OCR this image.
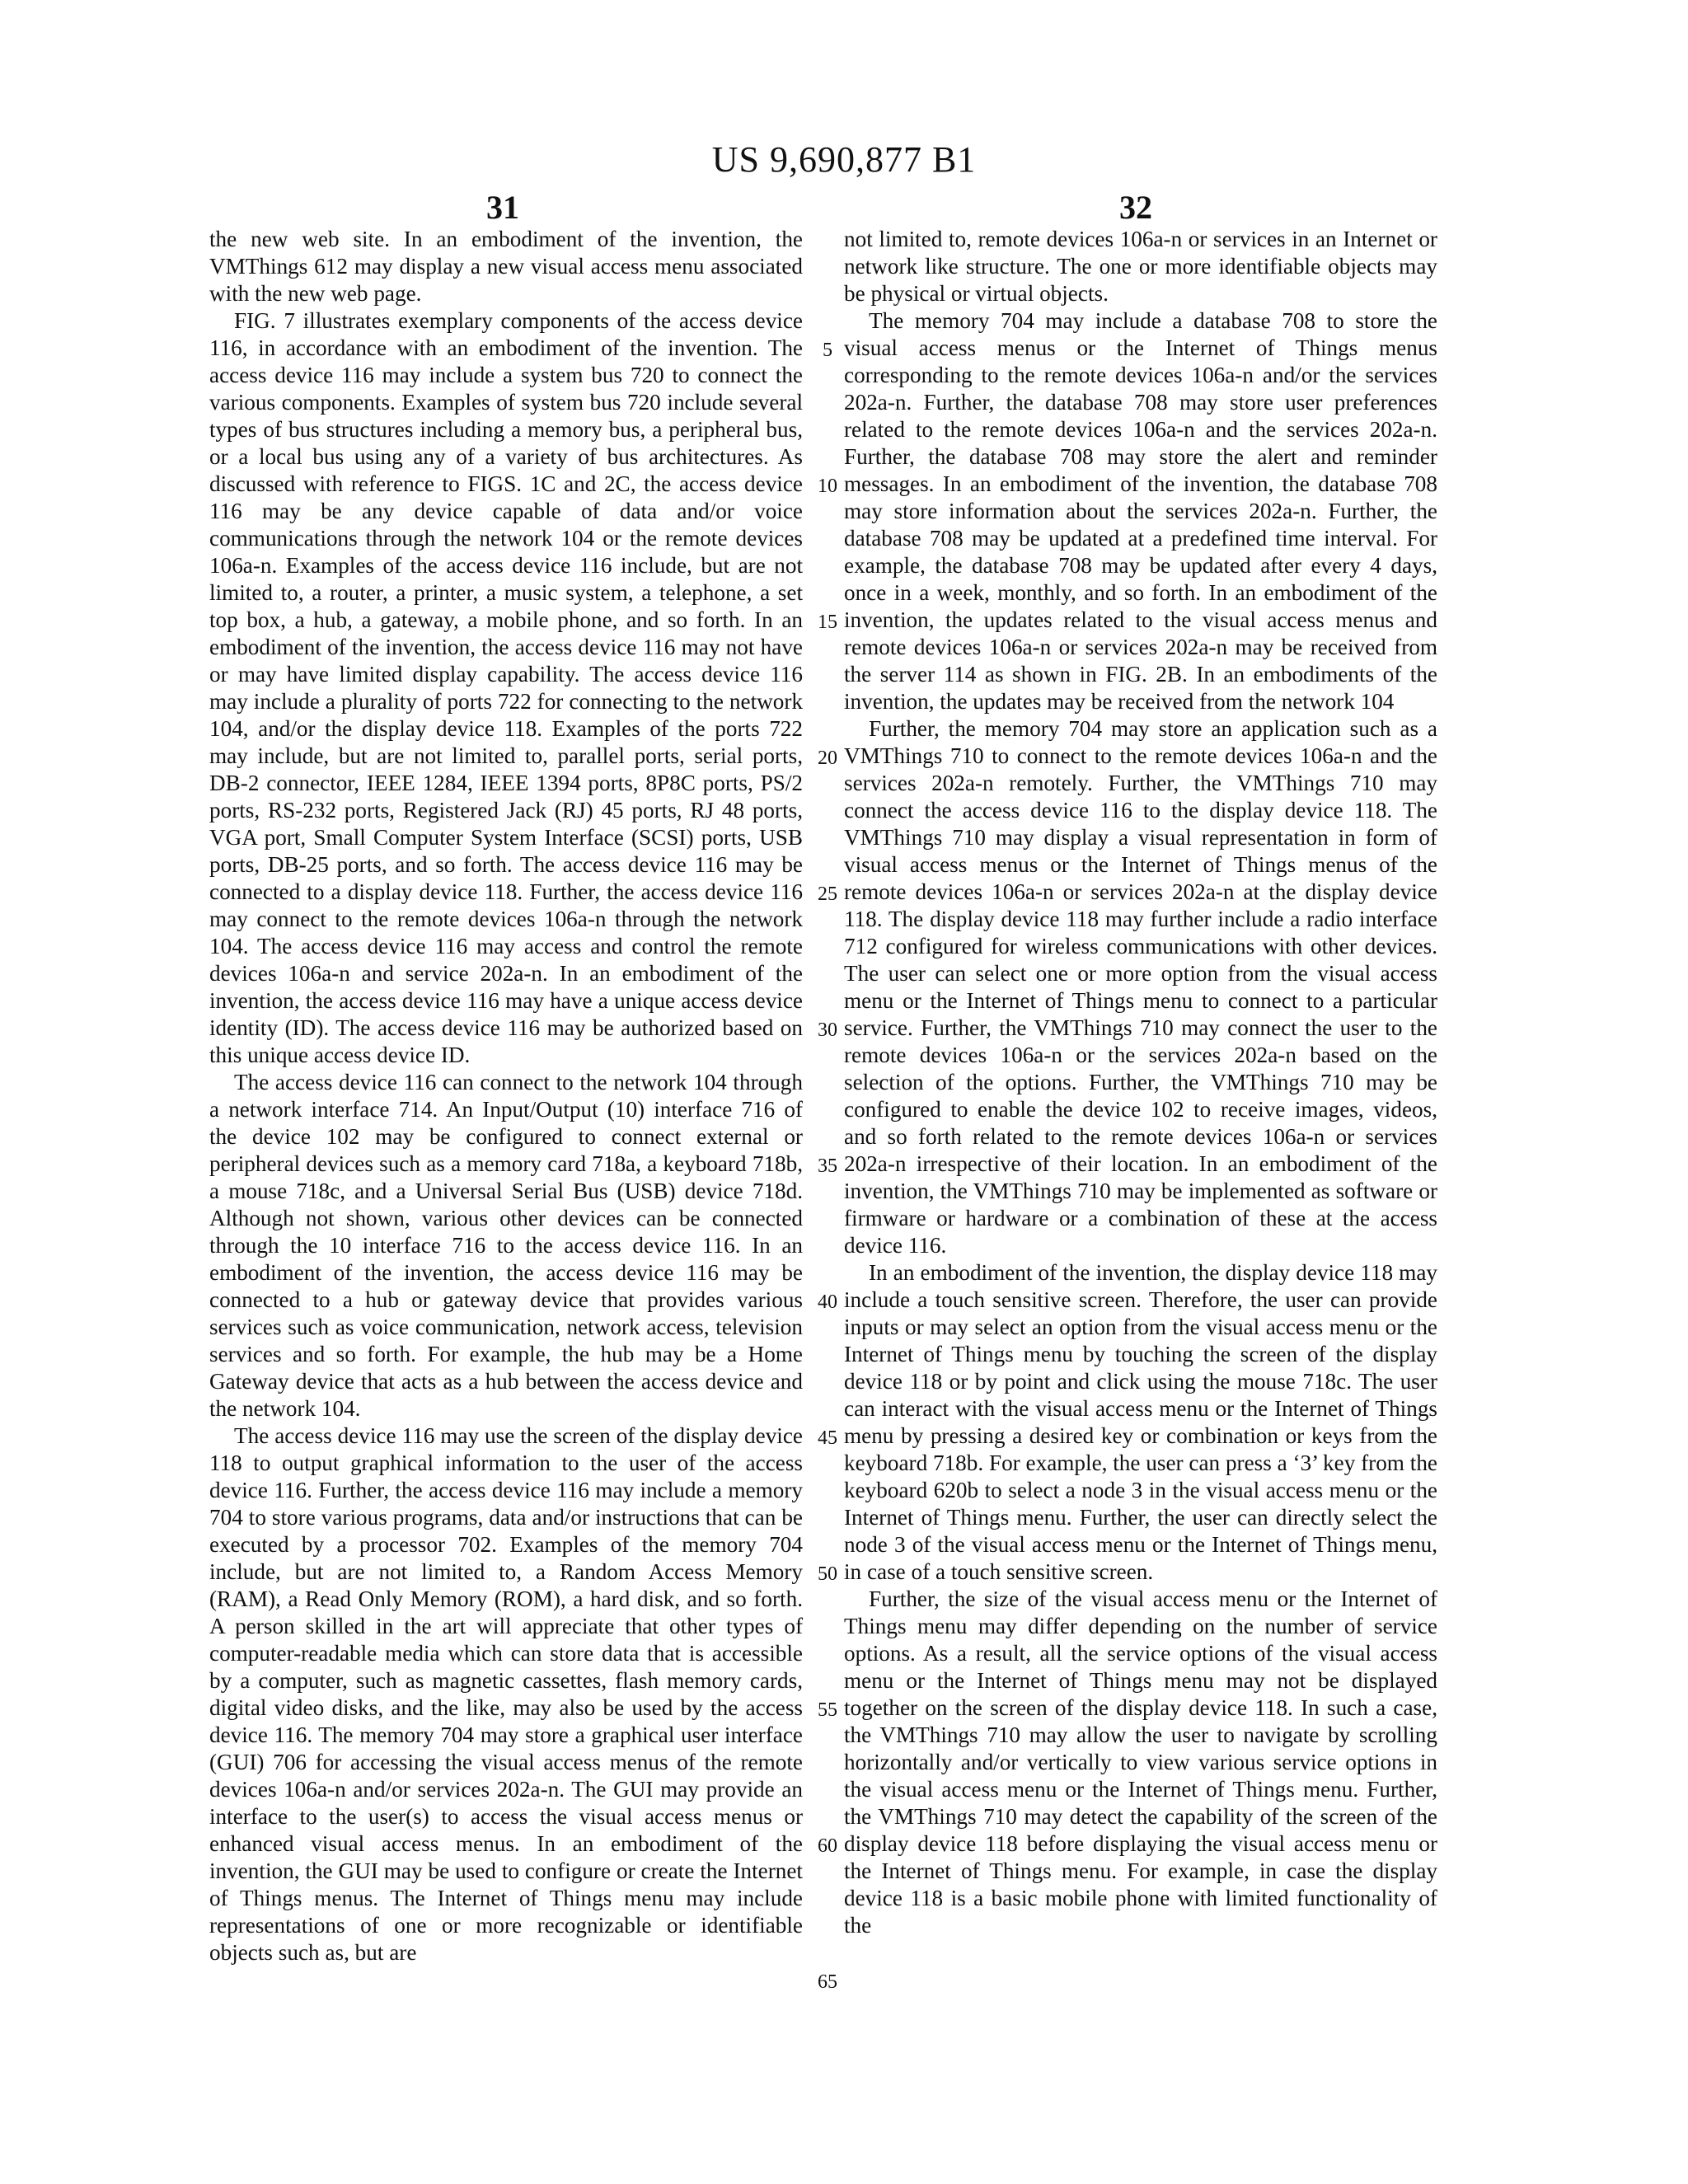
US 9,690,877 B1
31	32

the new web site. In an embodiment of the invention, the VMThings 612 may display a new visual access menu associated with the new web page.

FIG. 7 illustrates exemplary components of the access device 116, in accordance with an embodiment of the invention. The access device 116 may include a system bus 720 to connect the various components. Examples of system bus 720 include several types of bus structures including a memory bus, a peripheral bus, or a local bus using any of a variety of bus architectures. As discussed with reference to FIGS. 1C and 2C, the access device 116 may be any device capable of data and/or voice communications through the network 104 or the remote devices 106a-n. Examples of the access device 116 include, but are not limited to, a router, a printer, a music system, a telephone, a set top box, a hub, a gateway, a mobile phone, and so forth. In an embodiment of the invention, the access device 116 may not have or may have limited display capability. The access device 116 may include a plurality of ports 722 for connecting to the network 104, and/or the display device 118. Examples of the ports 722 may include, but are not limited to, parallel ports, serial ports, DB-2 connector, IEEE 1284, IEEE 1394 ports, 8P8C ports, PS/2 ports, RS-232 ports, Registered Jack (RJ) 45 ports, RJ 48 ports, VGA port, Small Computer System Interface (SCSI) ports, USB ports, DB-25 ports, and so forth. The access device 116 may be connected to a display device 118. Further, the access device 116 may connect to the remote devices 106a-n through the network 104. The access device 116 may access and control the remote devices 106a-n and service 202a-n. In an embodiment of the invention, the access device 116 may have a unique access device identity (ID). The access device 116 may be authorized based on this unique access device ID.

The access device 116 can connect to the network 104 through a network interface 714. An Input/Output (10) interface 716 of the device 102 may be configured to connect external or peripheral devices such as a memory card 718a, a keyboard 718b, a mouse 718c, and a Universal Serial Bus (USB) device 718d. Although not shown, various other devices can be connected through the 10 interface 716 to the access device 116. In an embodiment of the invention, the access device 116 may be connected to a hub or gateway device that provides various services such as voice communication, network access, television services and so forth. For example, the hub may be a Home Gateway device that acts as a hub between the access device and the network 104.

The access device 116 may use the screen of the display device 118 to output graphical information to the user of the access device 116. Further, the access device 116 may include a memory 704 to store various programs, data and/or instructions that can be executed by a processor 702. Examples of the memory 704 include, but are not limited to, a Random Access Memory (RAM), a Read Only Memory (ROM), a hard disk, and so forth. A person skilled in the art will appreciate that other types of computer-readable media which can store data that is accessible by a computer, such as magnetic cassettes, flash memory cards, digital video disks, and the like, may also be used by the access device 116. The memory 704 may store a graphical user interface (GUI) 706 for accessing the visual access menus of the remote devices 106a-n and/or services 202a-n. The GUI may provide an interface to the user(s) to access the visual access menus or enhanced visual access menus. In an embodiment of the invention, the GUI may be used to configure or create the Internet of Things menus. The Internet of Things menu may include representations of one or more recognizable or identifiable objects such as, but are

not limited to, remote devices 106a-n or services in an Internet or network like structure. The one or more identifiable objects may be physical or virtual objects.

The memory 704 may include a database 708 to store the visual access menus or the Internet of Things menus corresponding to the remote devices 106a-n and/or the services 202a-n. Further, the database 708 may store user preferences related to the remote devices 106a-n and the services 202a-n. Further, the database 708 may store the alert and reminder messages. In an embodiment of the invention, the database 708 may store information about the services 202a-n. Further, the database 708 may be updated at a predefined time interval. For example, the database 708 may be updated after every 4 days, once in a week, monthly, and so forth. In an embodiment of the invention, the updates related to the visual access menus and remote devices 106a-n or services 202a-n may be received from the server 114 as shown in FIG. 2B. In an embodiments of the invention, the updates may be received from the network 104

Further, the memory 704 may store an application such as a VMThings 710 to connect to the remote devices 106a-n and the services 202a-n remotely. Further, the VMThings 710 may connect the access device 116 to the display device 118. The VMThings 710 may display a visual representation in form of visual access menus or the Internet of Things menus of the remote devices 106a-n or services 202a-n at the display device 118. The display device 118 may further include a radio interface 712 configured for wireless communications with other devices. The user can select one or more option from the visual access menu or the Internet of Things menu to connect to a particular service. Further, the VMThings 710 may connect the user to the remote devices 106a-n or the services 202a-n based on the selection of the options. Further, the VMThings 710 may be configured to enable the device 102 to receive images, videos, and so forth related to the remote devices 106a-n or services 202a-n irrespective of their location. In an embodiment of the invention, the VMThings 710 may be implemented as software or firmware or hardware or a combination of these at the access device 116.

In an embodiment of the invention, the display device 118 may include a touch sensitive screen. Therefore, the user can provide inputs or may select an option from the visual access menu or the Internet of Things menu by touching the screen of the display device 118 or by point and click using the mouse 718c. The user can interact with the visual access menu or the Internet of Things menu by pressing a desired key or combination or keys from the keyboard 718b. For example, the user can press a ‘3’ key from the keyboard 620b to select a node 3 in the visual access menu or the Internet of Things menu. Further, the user can directly select the node 3 of the visual access menu or the Internet of Things menu, in case of a touch sensitive screen.

Further, the size of the visual access menu or the Internet of Things menu may differ depending on the number of service options. As a result, all the service options of the visual access menu or the Internet of Things menu may not be displayed together on the screen of the display device 118. In such a case, the VMThings 710 may allow the user to navigate by scrolling horizontally and/or vertically to view various service options in the visual access menu or the Internet of Things menu. Further, the VMThings 710 may detect the capability of the screen of the display device 118 before displaying the visual access menu or the Internet of Things menu. For example, in case the display device 118 is a basic mobile phone with limited functionality of the

5
10
15
20
25
30
35
40
45
50
55
60
65
